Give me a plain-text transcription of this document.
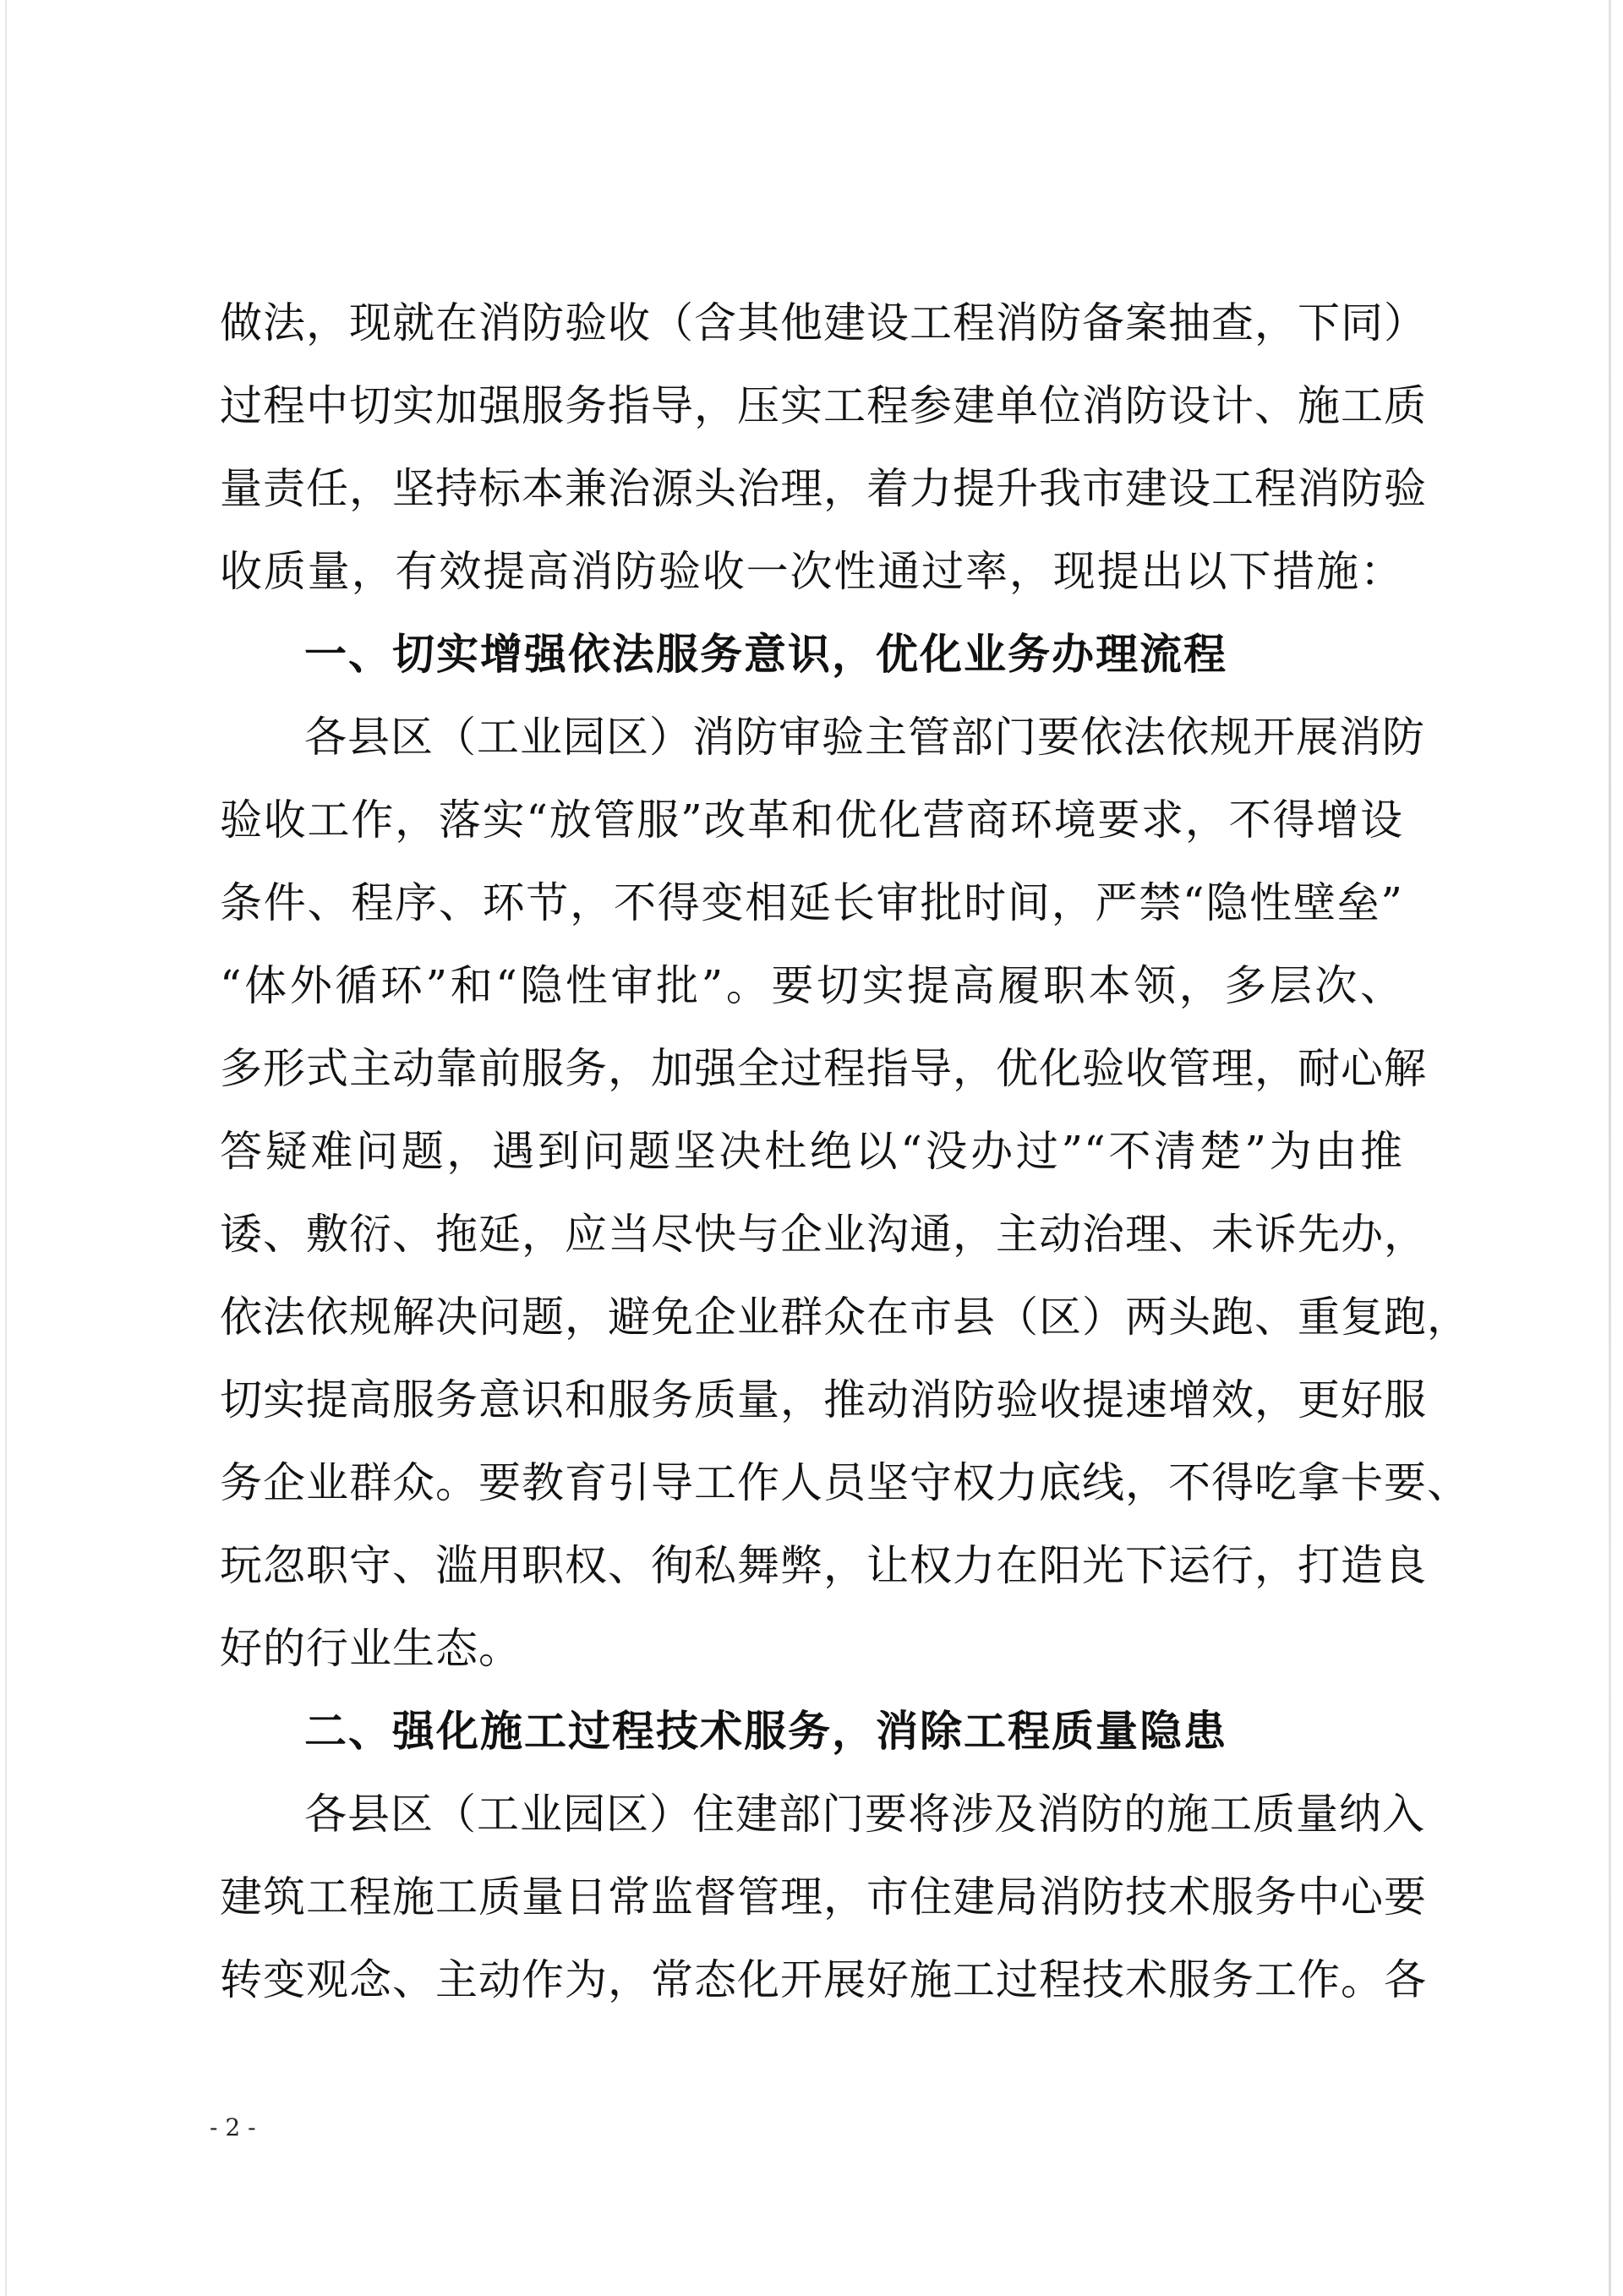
做法，现就在消防验收（含其他建设工程消防备案抽查，下同）
过程中切实加强服务指导，压实工程参建单位消防设计、施工质
量责任，坚持标本兼治源头治理，着力提升我市建设工程消防验
收质量，有效提高消防验收一次性通过率，现提出以下措施：
一、切实增强依法服务意识，优化业务办理流程
各县区（工业园区）消防审验主管部门要依法依规开展消防
验收工作，落实“放管服”改革和优化营商环境要求，不得增设
条件、程序、环节，不得变相延长审批时间，严禁“隐性壁垒”
“体外循环”和“隐性审批”。要切实提高履职本领，多层次、
多形式主动靠前服务，加强全过程指导，优化验收管理，耐心解
答疑难问题，遇到问题坚决杜绝以“没办过”“不清楚”为由推
诿、敷衍、拖延，应当尽快与企业沟通，主动治理、未诉先办，
依法依规解决问题，避免企业群众在市县（区）两头跑、重复跑，
切实提高服务意识和服务质量，推动消防验收提速增效，更好服
务企业群众。要教育引导工作人员坚守权力底线，不得吃拿卡要、
玩忽职守、滥用职权、徇私舞弊，让权力在阳光下运行，打造良
好的行业生态。
二、强化施工过程技术服务，消除工程质量隐患
各县区（工业园区）住建部门要将涉及消防的施工质量纳入
建筑工程施工质量日常监督管理，市住建局消防技术服务中心要
转变观念、主动作为，常态化开展好施工过程技术服务工作。各
- 2 -
